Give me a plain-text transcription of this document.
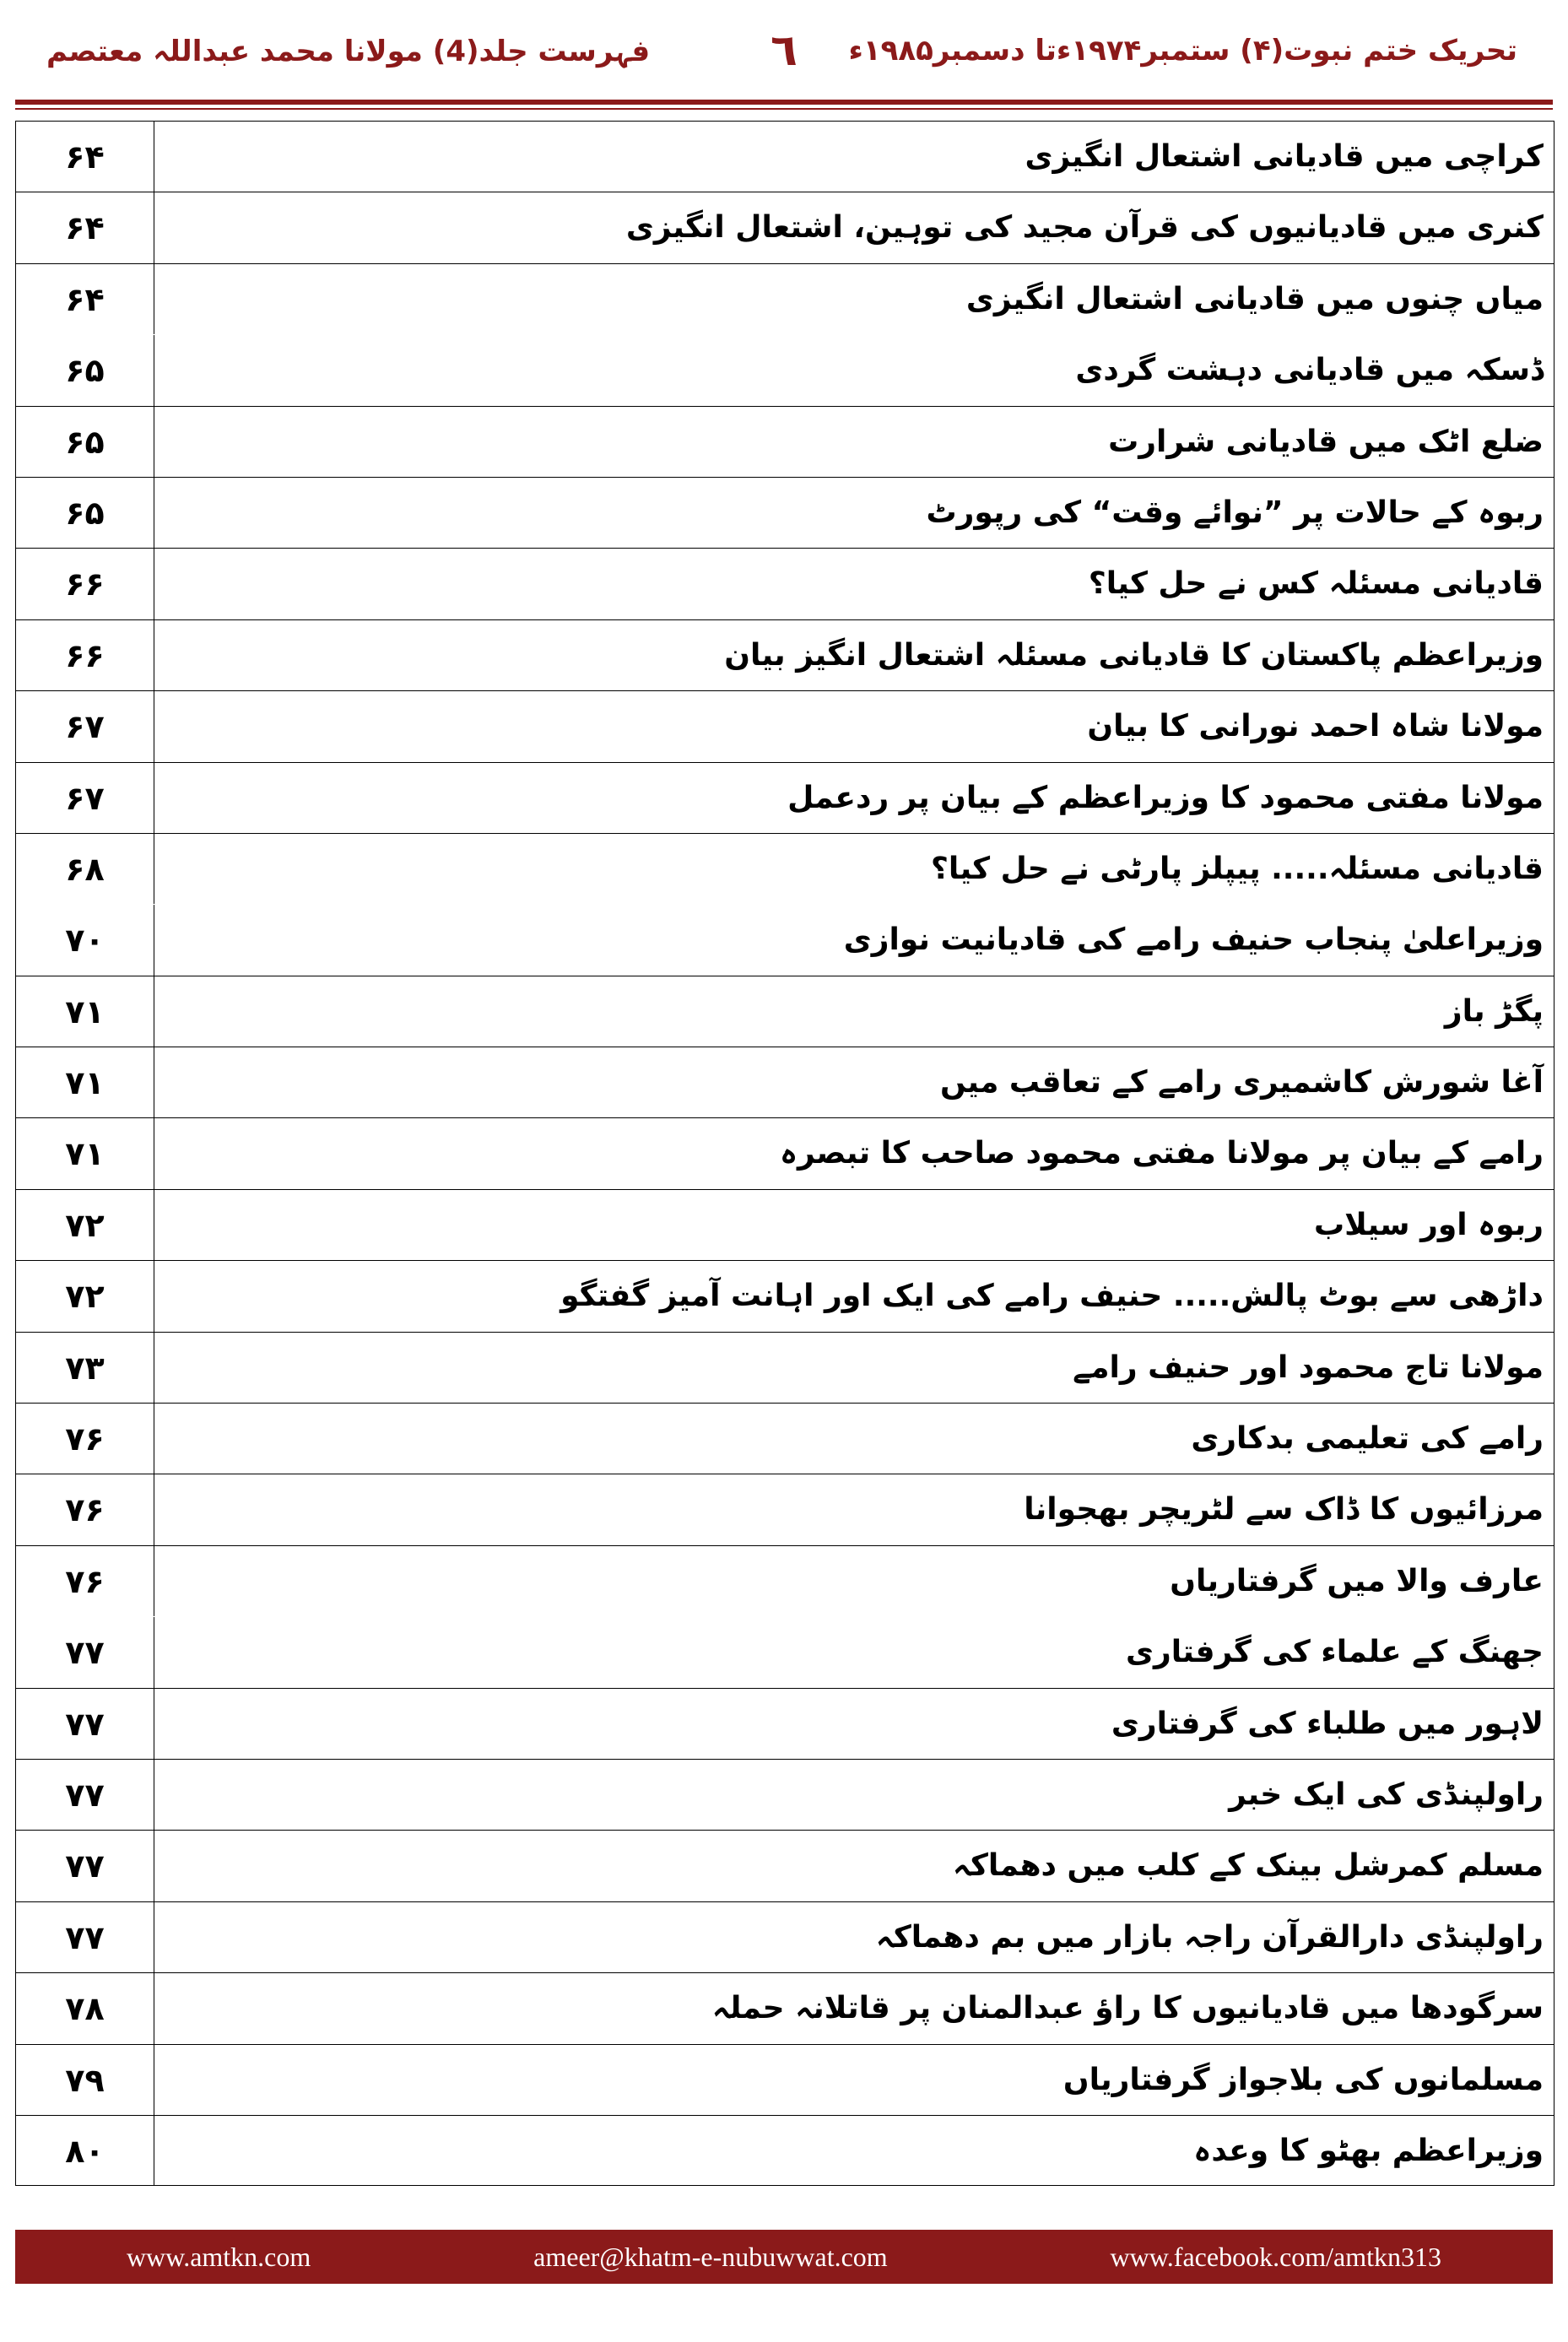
تحریک ختم نبوت(۴) ستمبر۱۹۷۴ءتا دسمبر۱۹۸۵ء
٦
فہرست جلد(4) مولانا محمد عبداللہ معتصم
کراچی میں قادیانی اشتعال انگیزی
۶۴
کنری میں قادیانیوں کی قرآن مجید کی توہین، اشتعال انگیزی
۶۴
میاں چنوں میں قادیانی اشتعال انگیزی
۶۴
ڈسکہ میں قادیانی دہشت گردی
۶۵
ضلع اٹک میں قادیانی شرارت
۶۵
ربوہ کے حالات پر ”نوائے وقت“ کی رپورٹ
۶۵
قادیانی مسئلہ کس نے حل کیا؟
۶۶
وزیراعظم پاکستان کا قادیانی مسئلہ اشتعال انگیز بیان
۶۶
مولانا شاہ احمد نورانی کا بیان
۶۷
مولانا مفتی محمود کا وزیراعظم کے بیان پر ردعمل
۶۷
قادیانی مسئلہ..... پیپلز پارٹی نے حل کیا؟
۶۸
وزیراعلیٰ پنجاب حنیف رامے کی قادیانیت نوازی
۷۰
پگڑ باز
۷۱
آغا شورش کاشمیری رامے کے تعاقب میں
۷۱
رامے کے بیان پر مولانا مفتی محمود صاحب کا تبصرہ
۷۱
ربوہ اور سیلاب
۷۲
داڑھی سے بوٹ پالش..... حنیف رامے کی ایک اور اہانت آمیز گفتگو
۷۲
مولانا تاج محمود اور حنیف رامے
۷۳
رامے کی تعلیمی بدکاری
۷۶
مرزائیوں کا ڈاک سے لٹریچر بھجوانا
۷۶
عارف والا میں گرفتاریاں
۷۶
جھنگ کے علماء کی گرفتاری
۷۷
لاہور میں طلباء کی گرفتاری
۷۷
راولپنڈی کی ایک خبر
۷۷
مسلم کمرشل بینک کے کلب میں دھماکہ
۷۷
راولپنڈی دارالقرآن راجہ بازار میں بم دھماکہ
۷۷
سرگودھا میں قادیانیوں کا راؤ عبدالمنان پر قاتلانہ حملہ
۷۸
مسلمانوں کی بلاجواز گرفتاریاں
۷۹
وزیراعظم بھٹو کا وعدہ
۸۰
www.amtkn.com	ameer@khatm-e-nubuwwat.com	www.facebook.com/amtkn313
